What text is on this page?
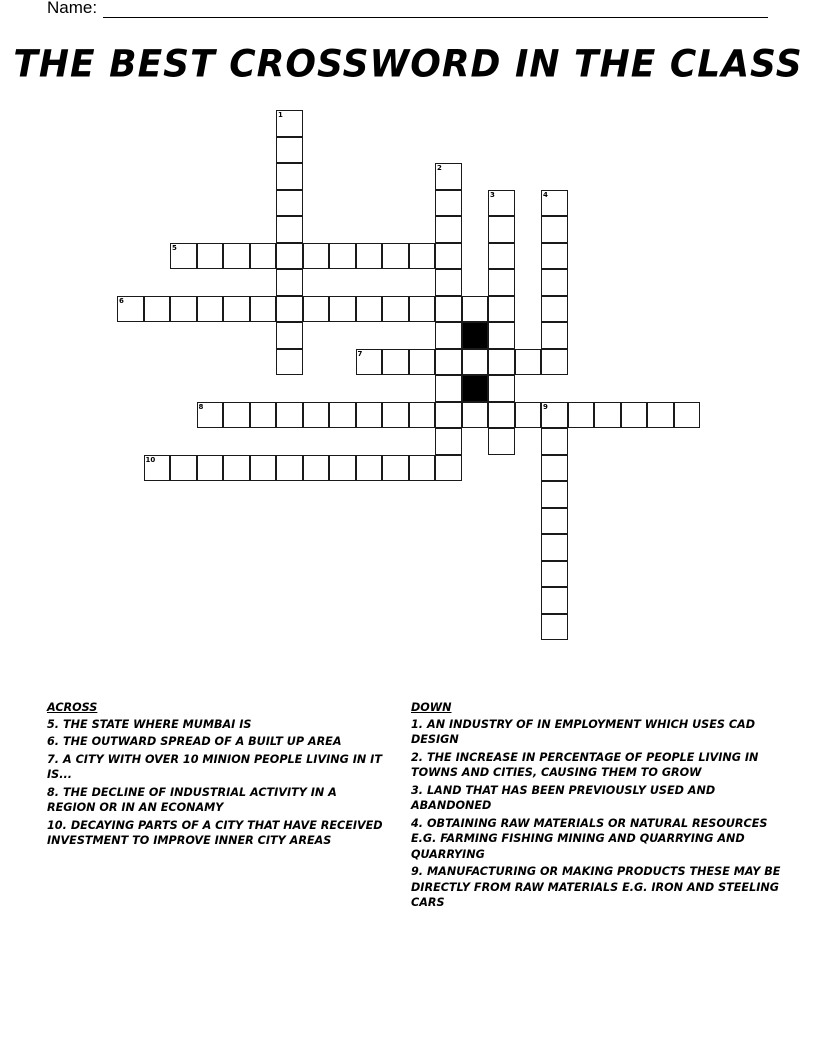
Name:
THE BEST CROSSWORD IN THE CLASS
1
2
3	4
5
6
7
8	9
10
ACROSS
5. THE STATE WHERE MUMBAI IS
6. THE OUTWARD SPREAD OF A BUILT UP AREA
7. A CITY WITH OVER 10 MINION PEOPLE LIVING IN IT IS...
8. THE DECLINE OF INDUSTRIAL ACTIVITY IN A REGION OR IN AN ECONAMY
10. DECAYING PARTS OF A CITY THAT HAVE RECEIVED INVESTMENT TO IMPROVE INNER CITY AREAS
DOWN
1. AN INDUSTRY OF IN EMPLOYMENT WHICH USES CAD DESIGN
2. THE INCREASE IN PERCENTAGE OF PEOPLE LIVING IN TOWNS AND CITIES, CAUSING THEM TO GROW
3. LAND THAT HAS BEEN PREVIOUSLY USED AND ABANDONED
4. OBTAINING RAW MATERIALS OR NATURAL RESOURCES E.G. FARMING FISHING MINING AND QUARRYING AND QUARRYING
9. MANUFACTURING OR MAKING PRODUCTS THESE MAY BE DIRECTLY FROM RAW MATERIALS E.G. IRON AND STEELING CARS
